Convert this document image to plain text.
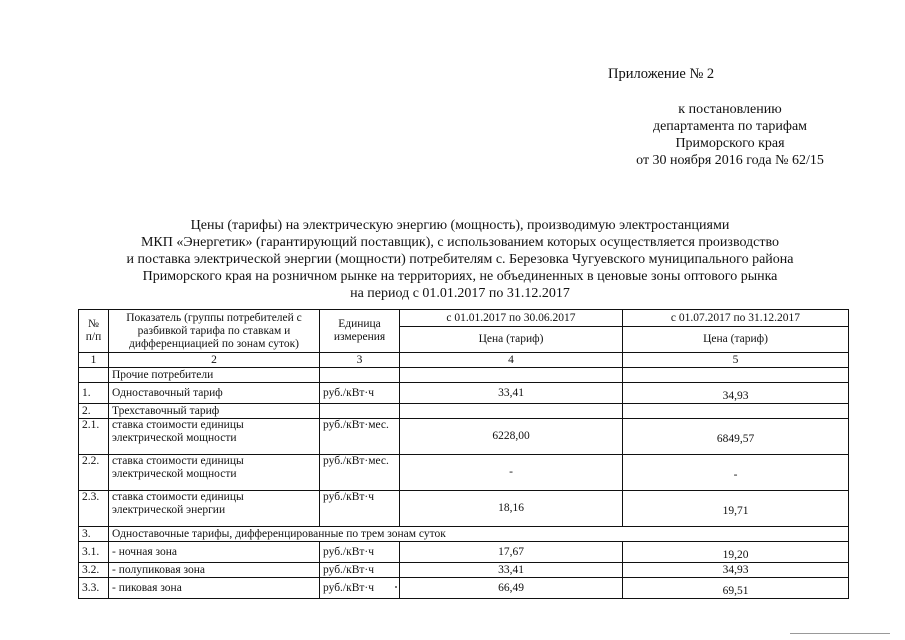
Приложение № 2
к постановлению
департамента по тарифам
Приморского края
от 30 ноября 2016 года № 62/15
Цены (тарифы) на электрическую энергию (мощность), производимую электростанциями
МКП «Энергетик» (гарантирующий поставщик), с использованием которых осуществляется производство
и поставка электрической энергии (мощности) потребителям с. Березовка Чугуевского муниципального района
Приморского края на розничном рынке на территориях, не объединенных в ценовые зоны оптового рынка
на период с 01.01.2017 по 31.12.2017
№ п/п	Показатель (группы потребителей с разбивкой тарифа по ставкам и дифференциацией по зонам суток)	Единица измерения	с 01.01.2017 по 30.06.2017	с 01.07.2017 по 31.12.2017
			Цена (тариф)	Цена (тариф)
1	2	3	4	5
	Прочие потребители			
1.	Одноставочный тариф	руб./кВт·ч	33,41	34,93
2.	Трехставочный тариф			
2.1.	ставка стоимости единицы электрической мощности	руб./кВт·мес.	6228,00	6849,57
2.2.	ставка стоимости единицы электрической мощности	руб./кВт·мес.	-	-
2.3.	ставка стоимости единицы электрической энергии	руб./кВт·ч	18,16	19,71
3.	Одноставочные тарифы, дифференцированные по трем зонам суток			
3.1.	- ночная зона	руб./кВт·ч	17,67	19,20
3.2.	- полупиковая зона	руб./кВт·ч	33,41	34,93
3.3.	- пиковая зона	руб./кВт·ч	66,49	69,51
